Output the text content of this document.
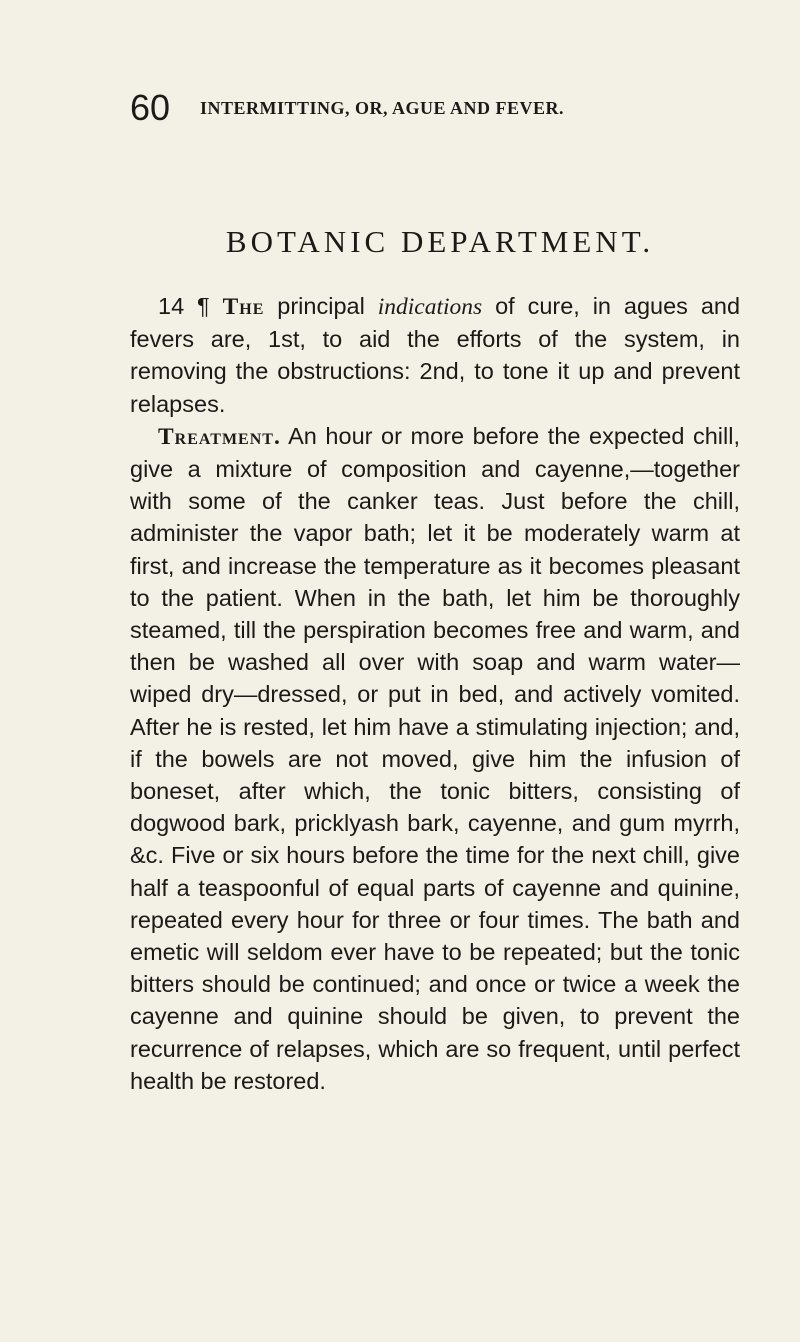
60 INTERMITTING, OR, AGUE AND FEVER.
BOTANIC DEPARTMENT.

14 ¶ The principal indications of cure, in agues and fevers are, 1st, to aid the efforts of the system, in removing the obstructions: 2nd, to tone it up and prevent relapses.

Treatment. An hour or more before the expected chill, give a mixture of composition and cayenne,—together with some of the canker teas. Just before the chill, administer the vapor bath; let it be moderately warm at first, and increase the temperature as it becomes pleasant to the patient. When in the bath, let him be thoroughly steamed, till the perspiration becomes free and warm, and then be washed all over with soap and warm water—wiped dry—dressed, or put in bed, and actively vomited. After he is rested, let him have a stimulating injection; and, if the bowels are not moved, give him the infusion of boneset, after which, the tonic bitters, consisting of dogwood bark, pricklyash bark, cayenne, and gum myrrh, &c. Five or six hours before the time for the next chill, give half a teaspoonful of equal parts of cayenne and quinine, repeated every hour for three or four times. The bath and emetic will seldom ever have to be repeated; but the tonic bitters should be continued; and once or twice a week the cayenne and quinine should be given, to prevent the recurrence of relapses, which are so frequent, until perfect health be restored.
